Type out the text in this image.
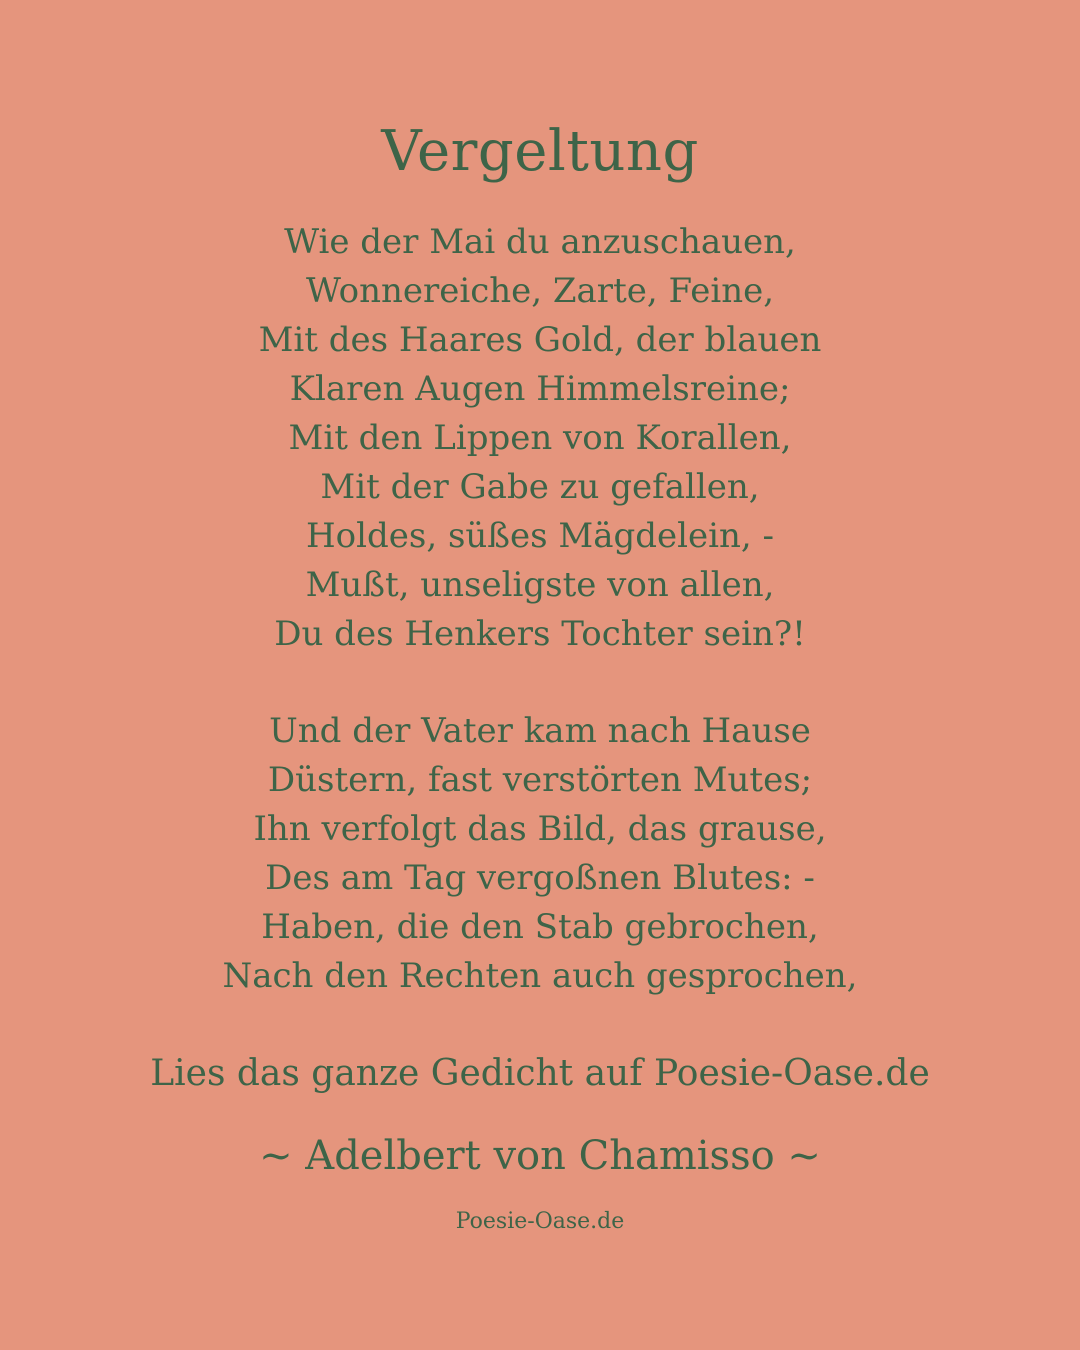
Vergeltung
Wie der Mai du anzuschauen,
Wonnereiche, Zarte, Feine,
Mit des Haares Gold, der blauen
Klaren Augen Himmelsreine;
Mit den Lippen von Korallen,
Mit der Gabe zu gefallen,
Holdes, süßes Mägdelein, -
Mußt, unseligste von allen,
Du des Henkers Tochter sein?!
Und der Vater kam nach Hause
Düstern, fast verstörten Mutes;
Ihn verfolgt das Bild, das grause,
Des am Tag vergoßnen Blutes: -
Haben, die den Stab gebrochen,
Nach den Rechten auch gesprochen,
Lies das ganze Gedicht auf Poesie-Oase.de
~ Adelbert von Chamisso ~
Poesie-Oase.de
